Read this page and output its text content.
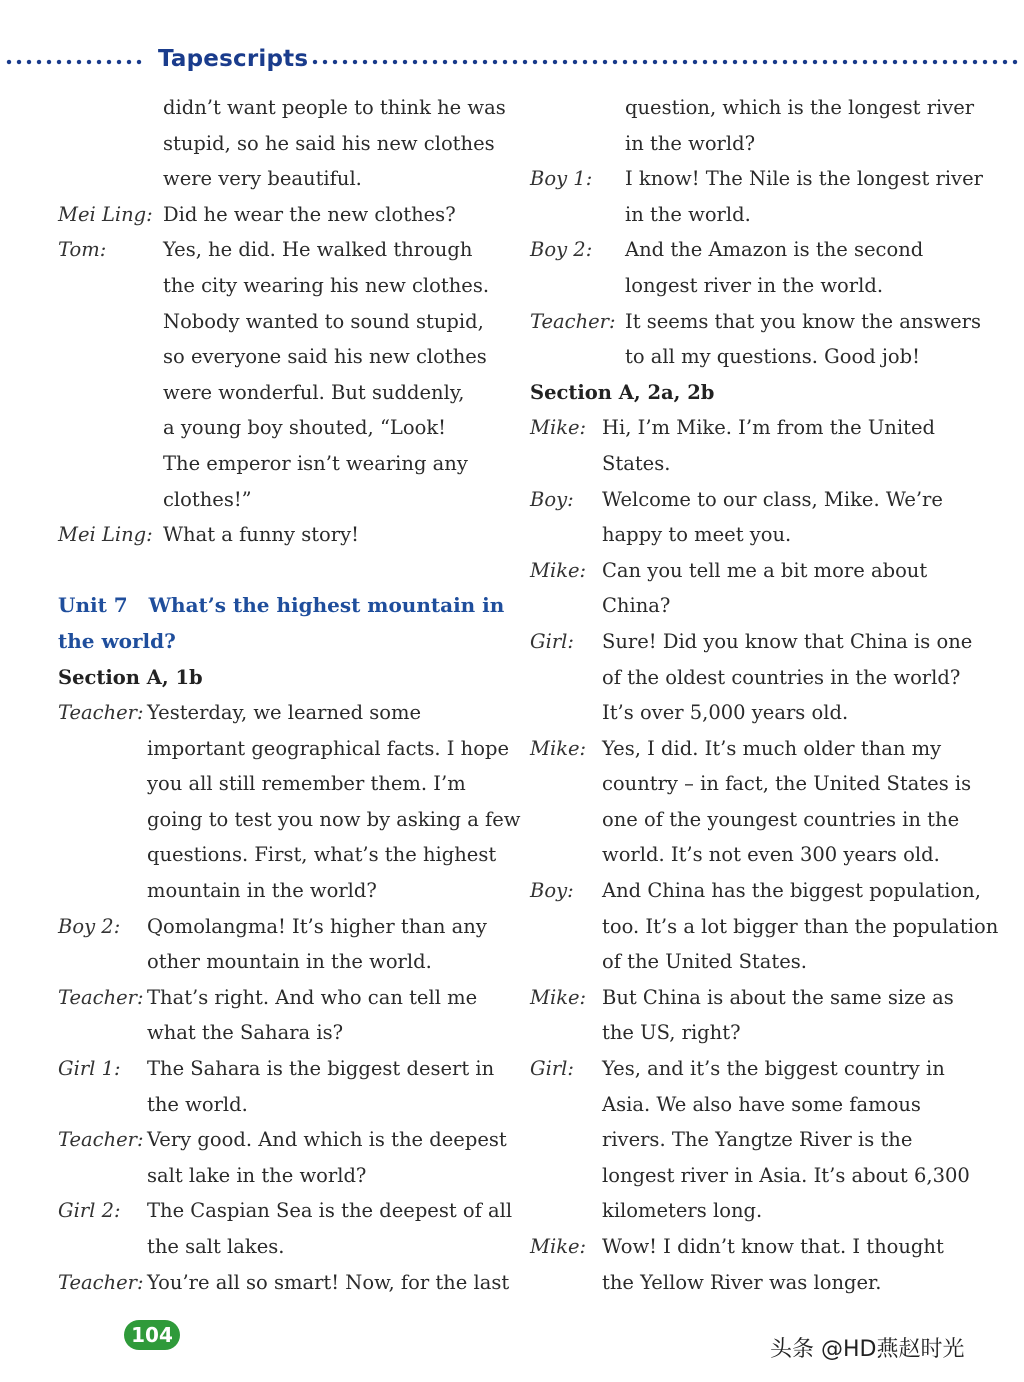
Tapescripts
didn’t want people to think he was
stupid, so he said his new clothes
were very beautiful.
Mei Ling: Did he wear the new clothes?
Tom:	Yes, he did. He walked through
the city wearing his new clothes.
Nobody wanted to sound stupid,
so everyone said his new clothes
were wonderful. But suddenly,
a young boy shouted, “Look!
The emperor isn’t wearing any
clothes!”
Mei Ling: What a funny story!
Unit 7 What’s the highest mountain in
the world?
Section A, 1b
Teacher: Yesterday, we learned some
important geographical facts. I hope
you all still remember them. I’m
going to test you now by asking a few
questions. First, what’s the highest
mountain in the world?
Boy 2:	Qomolangma! It’s higher than any
other mountain in the world.
Teacher: That’s right. And who can tell me
what the Sahara is?
Girl 1:	The Sahara is the biggest desert in
the world.
Teacher: Very good. And which is the deepest
salt lake in the world?
Girl 2:	The Caspian Sea is the deepest of all
the salt lakes.
Teacher: You’re all so smart! Now, for the last
question, which is the longest river
in the world?
Boy 1:	I know! The Nile is the longest river
in the world.
Boy 2:	And the Amazon is the second
longest river in the world.
Teacher: It seems that you know the answers
to all my questions. Good job!
Section A, 2a, 2b
Mike: Hi, I’m Mike. I’m from the United
States.
Boy:	Welcome to our class, Mike. We’re
happy to meet you.
Mike: Can you tell me a bit more about
China?
Girl:	Sure! Did you know that China is one
of the oldest countries in the world?
It’s over 5,000 years old.
Mike: Yes, I did. It’s much older than my
country – in fact, the United States is
one of the youngest countries in the
world. It’s not even 300 years old.
Boy:	And China has the biggest population,
too. It’s a lot bigger than the population
of the United States.
Mike: But China is about the same size as
the US, right?
Girl:	Yes, and it’s the biggest country in
Asia. We also have some famous
rivers. The Yangtze River is the
longest river in Asia. It’s about 6,300
kilometers long.
Mike: Wow! I didn’t know that. I thought
the Yellow River was longer.
104
头条 @HD燕赵时光
